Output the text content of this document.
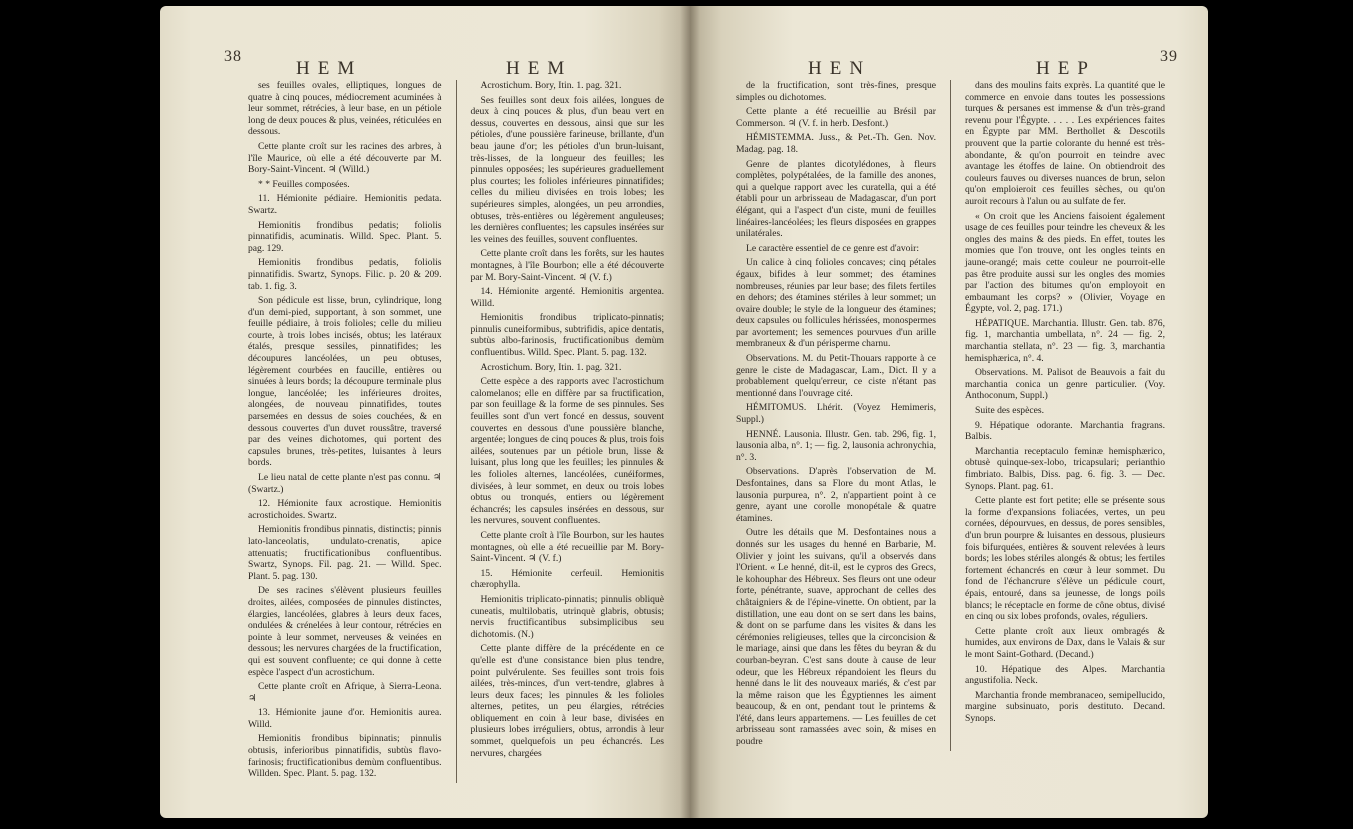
38
HEM	HEM

ses feuilles ovales, elliptiques, longues de quatre à cinq pouces, médiocrement acuminées à leur sommet, rétrécies, à leur base, en un pétiole long de deux pouces & plus, veinées, réticulées en dessous.

Cette plante croît sur les racines des arbres, à l'île Maurice, où elle a été découverte par M. Bory-Saint-Vincent. ♃ (Willd.)

* * Feuilles composées.

11. Hémionite pédiaire. Hemionitis pedata. Swartz.

Hemionitis frondibus pedatis; foliolis pinnatifidis, acuminatis. Willd. Spec. Plant. 5. pag. 129.

Hemionitis frondibus pedatis, foliolis pinnatifidis. Swartz, Synops. Filic. p. 20 & 209. tab. 1. fig. 3.

Son pédicule est lisse, brun, cylindrique, long d'un demi-pied, supportant, à son sommet, une feuille pédiaire, à trois folioles; celle du milieu courte, à trois lobes incisés, obtus; les latéraux étalés, presque sessiles, pinnatifides; les découpures lancéolées, un peu obtuses, légèrement courbées en faucille, entières ou sinuées à leurs bords; la découpure terminale plus longue, lancéolée; les inférieures droites, alongées, de nouveau pinnatifides, toutes parsemées en dessus de soies couchées, & en dessous couvertes d'un duvet roussâtre, traversé par des veines dichotomes, qui portent des capsules brunes, très-petites, luisantes à leurs bords.

Le lieu natal de cette plante n'est pas connu. ♃ (Swartz.)

12. Hémionite faux acrostique. Hemionitis acrostichoides. Swartz.

Hemionitis frondibus pinnatis, distinctis; pinnis lato-lanceolatis, undulato-crenatis, apice attenuatis; fructificationibus confluentibus. Swartz, Synops. Fil. pag. 21. — Willd. Spec. Plant. 5. pag. 130.

De ses racines s'élèvent plusieurs feuilles droites, ailées, composées de pinnules distinctes, élargies, lancéolées, glabres à leurs deux faces, ondulées & crénelées à leur contour, rétrécies en pointe à leur sommet, nerveuses & veinées en dessous; les nervures chargées de la fructification, qui est souvent confluente; ce qui donne à cette espèce l'aspect d'un acrostichum.

Cette plante croît en Afrique, à Sierra-Leona. ♃

13. Hémionite jaune d'or. Hemionitis aurea. Willd.

Hemionitis frondibus bipinnatis; pinnulis obtusis, inferioribus pinnatifidis, subtùs flavo-farinosis; fructificationibus demùm confluentibus. Willden. Spec. Plant. 5. pag. 132.

Acrostichum. Bory, Itin. 1. pag. 321.

Ses feuilles sont deux fois ailées, longues de deux à cinq pouces & plus, d'un beau vert en dessus, couvertes en dessous, ainsi que sur les pétioles, d'une poussière farineuse, brillante, d'un beau jaune d'or; les pétioles d'un brun-luisant, très-lisses, de la longueur des feuilles; les pinnules opposées; les supérieures graduellement plus courtes; les folioles inférieures pinnatifides; celles du milieu divisées en trois lobes; les supérieures simples, alongées, un peu arrondies, obtuses, très-entières ou légèrement anguleuses; les dernières confluentes; les capsules insérées sur les veines des feuilles, souvent confluentes.

Cette plante croît dans les forêts, sur les hautes montagnes, à l'île Bourbon; elle a été découverte par M. Bory-Saint-Vincent. ♃ (V. f.)

14. Hémionite argenté. Hemionitis argentea. Willd.

Hemionitis frondibus triplicato-pinnatis; pinnulis cuneiformibus, subtrifidis, apice dentatis, subtùs albo-farinosis, fructificationibus demùm confluentibus. Willd. Spec. Plant. 5. pag. 132.

Acrostichum. Bory, Itin. 1. pag. 321.

Cette espèce a des rapports avec l'acrostichum calomelanos; elle en diffère par sa fructification, par son feuillage & la forme de ses pinnules. Ses feuilles sont d'un vert foncé en dessus, souvent couvertes en dessous d'une poussière blanche, argentée; longues de cinq pouces & plus, trois fois ailées, soutenues par un pétiole brun, lisse & luisant, plus long que les feuilles; les pinnules & les folioles alternes, lancéolées, cunéiformes, divisées, à leur sommet, en deux ou trois lobes obtus ou tronqués, entiers ou légèrement échancrés; les capsules insérées en dessous, sur les nervures, souvent confluentes.

Cette plante croît à l'île Bourbon, sur les hautes montagnes, où elle a été recueillie par M. Bory-Saint-Vincent. ♃ (V. f.)

15. Hémionite cerfeuil. Hemionitis chærophylla.

Hemionitis triplicato-pinnatis; pinnulis obliquè cuneatis, multilobatis, utrinquè glabris, obtusis; nervis fructificantibus subsimplicibus seu dichotomis. (N.)

Cette plante diffère de la précédente en ce qu'elle est d'une consistance bien plus tendre, point pulvérulente. Ses feuilles sont trois fois ailées, très-minces, d'un vert-tendre, glabres à leurs deux faces; les pinnules & les folioles alternes, petites, un peu élargies, rétrécies obliquement en coin à leur base, divisées en plusieurs lobes irréguliers, obtus, arrondis à leur sommet, quelquefois un peu échancrés. Les nervures, chargées

HEN	HEP
39

de la fructification, sont très-fines, presque simples ou dichotomes.

Cette plante a été recueillie au Brésil par Commerson. ♃ (V. f. in herb. Desfont.)

HÉMISTEMMA. Juss., & Pet.-Th. Gen. Nov. Madag. pag. 18.

Genre de plantes dicotylédones, à fleurs complètes, polypétalées, de la famille des anones, qui a quelque rapport avec les curatella, qui a été établi pour un arbrisseau de Madagascar, d'un port élégant, qui a l'aspect d'un ciste, muni de feuilles linéaires-lancéolées; les fleurs disposées en grappes unilatérales.

Le caractère essentiel de ce genre est d'avoir:

Un calice à cinq folioles concaves; cinq pétales égaux, bifides à leur sommet; des étamines nombreuses, réunies par leur base; des filets fertiles en dehors; des étamines stériles à leur sommet; un ovaire double; le style de la longueur des étamines; deux capsules ou follicules hérissées, monospermes par avortement; les semences pourvues d'un arille membraneux & d'un périsperme charnu.

Observations. M. du Petit-Thouars rapporte à ce genre le ciste de Madagascar, Lam., Dict. Il y a probablement quelqu'erreur, ce ciste n'étant pas mentionné dans l'ouvrage cité.

HÉMITOMUS. Lhérit. (Voyez Hemimeris, Suppl.)

HENNÉ. Lausonia. Illustr. Gen. tab. 296, fig. 1, lausonia alba, n°. 1; — fig. 2, lausonia achronychia, n°. 3.

Observations. D'après l'observation de M. Desfontaines, dans sa Flore du mont Atlas, le lausonia purpurea, n°. 2, n'appartient point à ce genre, ayant une corolle monopétale & quatre étamines.

Outre les détails que M. Desfontaines nous a donnés sur les usages du henné en Barbarie, M. Olivier y joint les suivans, qu'il a observés dans l'Orient. « Le henné, dit-il, est le cypros des Grecs, le kohouphar des Hébreux. Ses fleurs ont une odeur forte, pénétrante, suave, approchant de celles des châtaigniers & de l'épine-vinette. On obtient, par la distillation, une eau dont on se sert dans les bains, & dont on se parfume dans les visites & dans les cérémonies religieuses, telles que la circoncision & le mariage, ainsi que dans les fêtes du beyran & du courban-beyran. C'est sans doute à cause de leur odeur, que les Hébreux répandoient les fleurs du henné dans le lit des nouveaux mariés, & c'est par la même raison que les Égyptiennes les aiment beaucoup, & en ont, pendant tout le printems & l'été, dans leurs appartemens. — Les feuilles de cet arbrisseau sont ramassées avec soin, & mises en poudre

dans des moulins faits exprès. La quantité que le commerce en envoie dans toutes les possessions turques & persanes est immense & d'un très-grand revenu pour l'Égypte. . . . . Les expériences faites en Égypte par MM. Berthollet & Descotils prouvent que la partie colorante du henné est très-abondante, & qu'on pourroit en teindre avec avantage les étoffes de laine. On obtiendroit des couleurs fauves ou diverses nuances de brun, selon qu'on emploieroit ces feuilles sèches, ou qu'on auroit recours à l'alun ou au sulfate de fer.

« On croit que les Anciens faisoient également usage de ces feuilles pour teindre les cheveux & les ongles des mains & des pieds. En effet, toutes les momies que l'on trouve, ont les ongles teints en jaune-orangé; mais cette couleur ne pourroit-elle pas être produite aussi sur les ongles des momies par l'action des bitumes qu'on employoit en embaumant les corps? » (Olivier, Voyage en Égypte, vol. 2, pag. 171.)

HÉPATIQUE. Marchantia. Illustr. Gen. tab. 876, fig. 1, marchantia umbellata, n°. 24 — fig. 2, marchantia stellata, n°. 23 — fig. 3, marchantia hemisphærica, n°. 4.

Observations. M. Palisot de Beauvois a fait du marchantia conica un genre particulier. (Voy. Anthoconum, Suppl.)

Suite des espèces.

9. Hépatique odorante. Marchantia fragrans. Balbis.

Marchantia receptaculo feminæ hemisphærico, obtusè quinque-sex-lobo, tricapsulari; perianthio fimbriato. Balbis, Diss. pag. 6. fig. 3. — Dec. Synops. Plant. pag. 61.

Cette plante est fort petite; elle se présente sous la forme d'expansions foliacées, vertes, un peu cornées, dépourvues, en dessus, de pores sensibles, d'un brun pourpre & luisantes en dessous, plusieurs fois bifurquées, entières & souvent relevées à leurs bords; les lobes stériles alongés & obtus; les fertiles fortement échancrés en cœur à leur sommet. Du fond de l'échancrure s'élève un pédicule court, épais, entouré, dans sa jeunesse, de longs poils blancs; le réceptacle en forme de cône obtus, divisé en cinq ou six lobes profonds, ovales, réguliers.

Cette plante croît aux lieux ombragés & humides, aux environs de Dax, dans le Valais & sur le mont Saint-Gothard. (Decand.)

10. Hépatique des Alpes. Marchantia angustifolia. Neck.

Marchantia fronde membranaceo, semipellucido, margine subsinuato, poris destituto. Decand. Synops.
